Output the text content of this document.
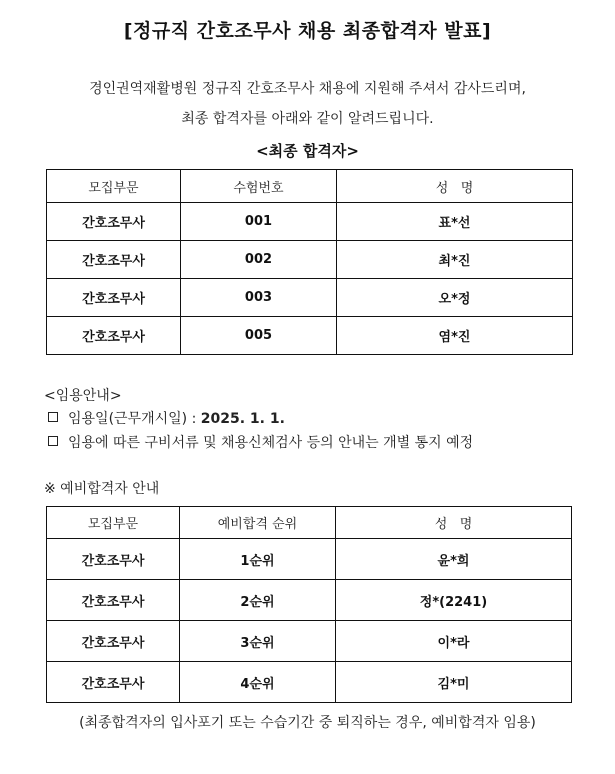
[정규직 간호조무사 채용 최종합격자 발표]
경인권역재활병원 정규직 간호조무사 채용에 지원해 주셔서 감사드리며,
최종 합격자를 아래와 같이 알려드립니다.
<최종 합격자>
모집부문	수험번호	성   명
간호조무사	001	표*선
간호조무사	002	최*진
간호조무사	003	오*정
간호조무사	005	염*진
<임용안내>
임용일(근무개시일) : 2025. 1. 1.
임용에 따른 구비서류 및 채용신체검사 등의 안내는 개별 통지 예정
※ 예비합격자 안내
모집부문	예비합격 순위	성   명
간호조무사	1순위	윤*희
간호조무사	2순위	정*(2241)
간호조무사	3순위	이*라
간호조무사	4순위	김*미
(최종합격자의 입사포기 또는 수습기간 중 퇴직하는 경우, 예비합격자 임용)
